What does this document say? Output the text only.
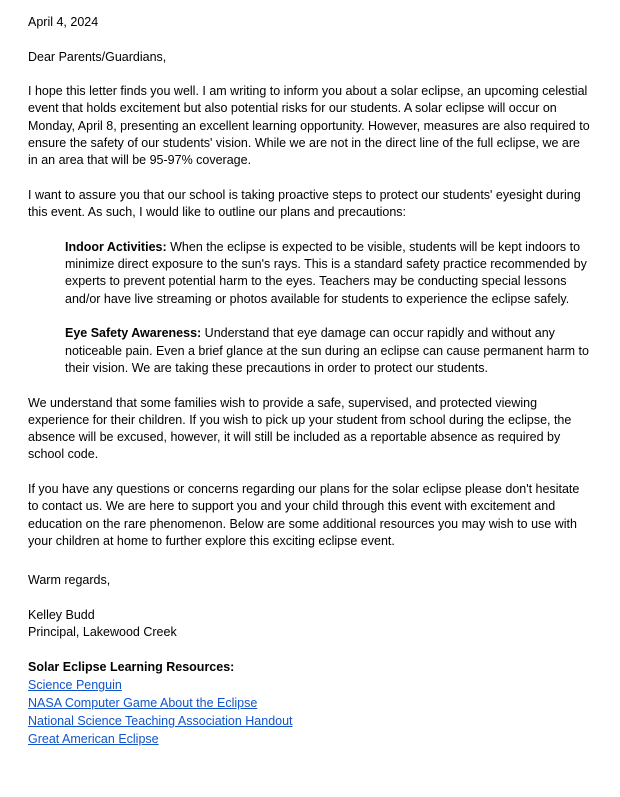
April 4, 2024

Dear Parents/Guardians,

I hope this letter finds you well. I am writing to inform you about a solar eclipse, an upcoming celestial event that holds excitement but also potential risks for our students. A solar eclipse will occur on Monday, April 8, presenting an excellent learning opportunity. However, measures are also required to ensure the safety of our students' vision. While we are not in the direct line of the full eclipse, we are in an area that will be 95-97% coverage.

I want to assure you that our school is taking proactive steps to protect our students' eyesight during this event. As such, I would like to outline our plans and precautions:

Indoor Activities: When the eclipse is expected to be visible, students will be kept indoors to minimize direct exposure to the sun's rays. This is a standard safety practice recommended by experts to prevent potential harm to the eyes. Teachers may be conducting special lessons and/or have live streaming or photos available for students to experience the eclipse safely.

Eye Safety Awareness: Understand that eye damage can occur rapidly and without any noticeable pain. Even a brief glance at the sun during an eclipse can cause permanent harm to their vision. We are taking these precautions in order to protect our students.

We understand that some families wish to provide a safe, supervised, and protected viewing experience for their children. If you wish to pick up your student from school during the eclipse, the absence will be excused, however, it will still be included as a reportable absence as required by school code.

If you have any questions or concerns regarding our plans for the solar eclipse please don't hesitate to contact us. We are here to support you and your child through this event with excitement and education on the rare phenomenon. Below are some additional resources you may wish to use with your children at home to further explore this exciting eclipse event.

Warm regards,

Kelley Budd
Principal, Lakewood Creek

Solar Eclipse Learning Resources:

Science Penguin
NASA Computer Game About the Eclipse
National Science Teaching Association Handout
Great American Eclipse
